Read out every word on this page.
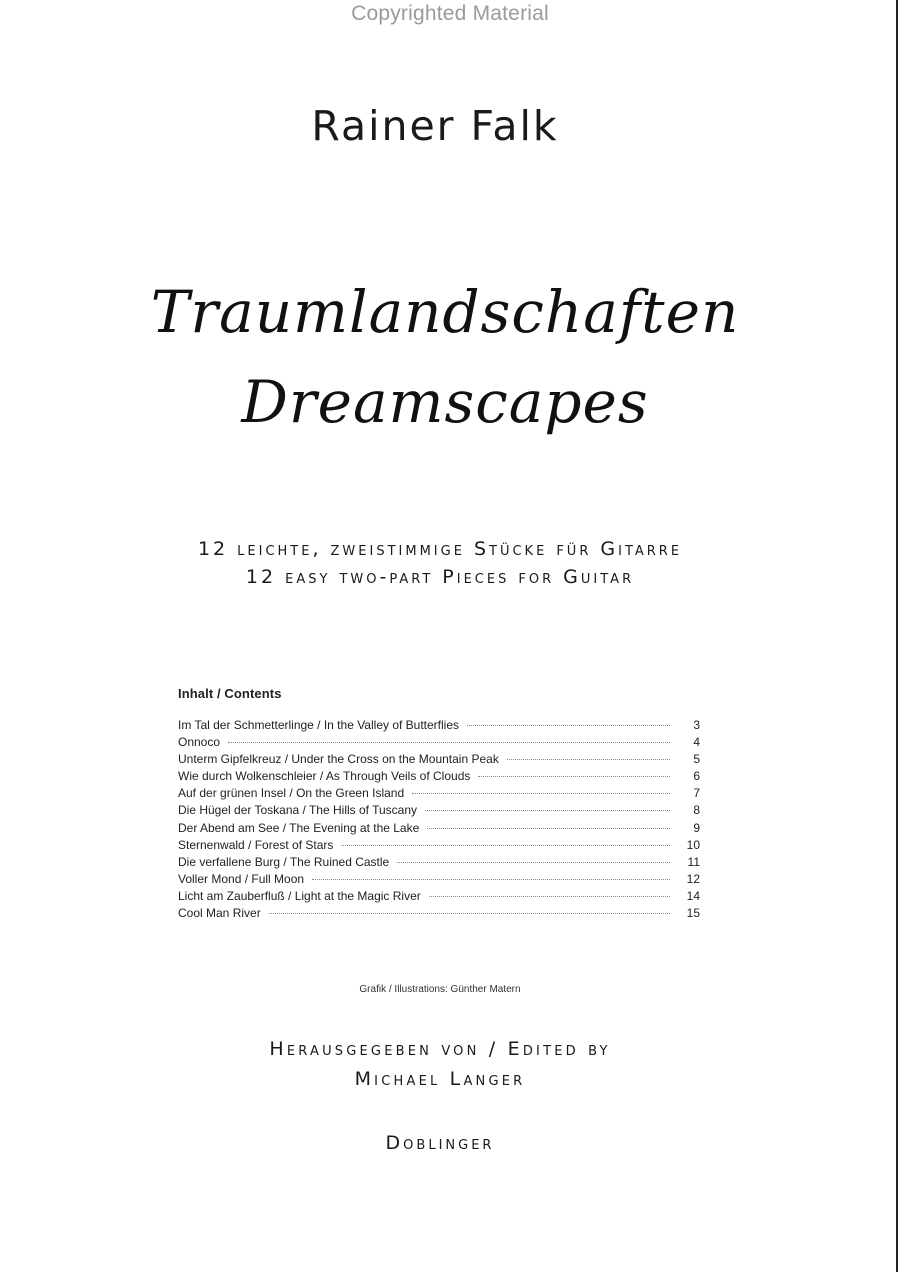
Copyrighted Material
Rainer Falk
Traumlandschaften
Dreamscapes
12 leichte, zweistimmige Stücke für Gitarre
12 easy two-part Pieces for Guitar
Inhalt / Contents
Im Tal der Schmetterlinge / In the Valley of Butterflies	3
Onnoco	4
Unterm Gipfelkreuz / Under the Cross on the Mountain Peak	5
Wie durch Wolkenschleier / As Through Veils of Clouds	6
Auf der grünen Insel / On the Green Island	7
Die Hügel der Toskana / The Hills of Tuscany	8
Der Abend am See / The Evening at the Lake	9
Sternenwald / Forest of Stars	10
Die verfallene Burg / The Ruined Castle	11
Voller Mond / Full Moon	12
Licht am Zauberfluß / Light at the Magic River	14
Cool Man River	15
Grafik / Illustrations: Günther Matern
Herausgegeben von / Edited by
Michael Langer
Doblinger
